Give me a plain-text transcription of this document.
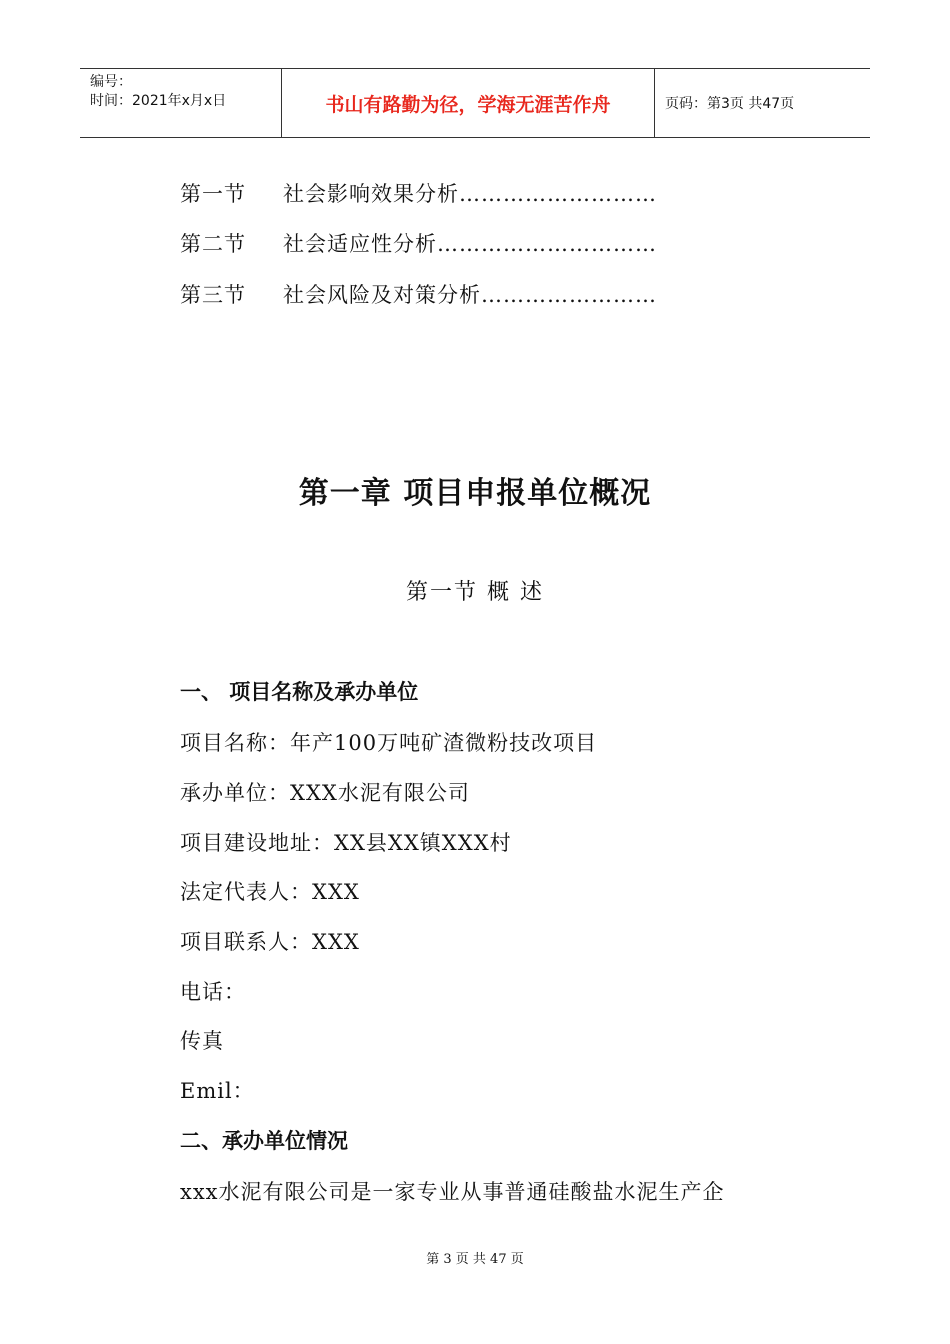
编号：
时间：2021年x月x日	书山有路勤为径，学海无涯苦作舟	页码：第3页 共47页
第一节 社会影响效果分析………………………
第二节 社会适应性分析…………………………
第三节 社会风险及对策分析……………………
第一章 项目申报单位概况
第一节 概 述
一、 项目名称及承办单位
项目名称：年产100万吨矿渣微粉技改项目
承办单位：XXX水泥有限公司
项目建设地址：XX县XX镇XXX村
法定代表人：XXX
项目联系人：XXX
电话：
传真
Emil：
二、承办单位情况
xxx水泥有限公司是一家专业从事普通硅酸盐水泥生产企
第 3 页 共 47 页
